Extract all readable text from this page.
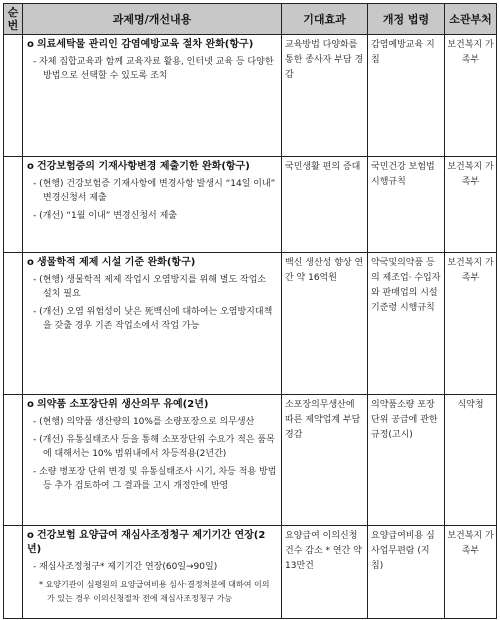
순
번	과제명/개선내용	기대효과	개정 법령	소관부처

	o 의료세탁물 관리인 감염예방교육 절차 완화(항구)
- 자체 집합교육과 함께 교육자료 활용, 인터넷 교육 등 다양한 방법으로 선택할 수 있도록 조치	교육방법 다양화를 통한 종사자 부담 경감	감염예방교육 지침	보건복지 가족부

	o 건강보험증의 기재사항변경 제출기한 완화(항구)
- (현행) 건강보험증 기재사항에 변경사항 발생시 “14일 이내” 변경신청서 제출
- (개선) “1월 이내” 변경신청서 제출	국민생활 편의 증대	국민건강 보험법시행규칙	보건복지 가족부

	o 생물학적 제제 시설 기준 완화(항구)
- (현행) 생물학적 제제 작업시 오염방지를 위해 별도 작업소 설치 필요
- (개선) 오염 위험성이 낮은 死백신에 대하여는 오염방지대책을 갖출 경우 기존 작업소에서 작업 가능	백신 생산성 향상 연간 약 16억원	약국및의약품 등의 제조업· 수입자와 판매업의 시설 기준령 시행규칙	보건복지 가족부

	o 의약품 소포장단위 생산의무 유예(2년)
- (현행) 의약품 생산량의 10%를 소량포장으로 의무생산
- (개선) 유통실태조사 등을 통해 소포장단위 수요가 적은 품목에 대해서는 10% 범위내에서 차등적용(2년간)
- 소량 병포장 단위 변경 및 유통실태조사 시기, 차등 적용 방법 등 추가 검토하여 그 결과를 고시 개정안에 반영	소포장의무생산에 따른 제약업계 부담 경감	의약품소량 포장단위 공급에 관한 규정(고시)	식약청

	o 건강보험 요양급여 재심사조정청구 제기기간 연장(2년)
- 재심사조정청구* 제기기간 연장(60일→90일)
* 요양기관이 심평원의 요양급여비용 심사·결정처분에 대하여 이의가 있는 경우 이의신청절차 전에 재심사조정청구 가능	요양급여 이의신청건수 감소 * 연간 약 13만건	요양급여비용 심사업무편람 (지침)	보건복지 가족부
